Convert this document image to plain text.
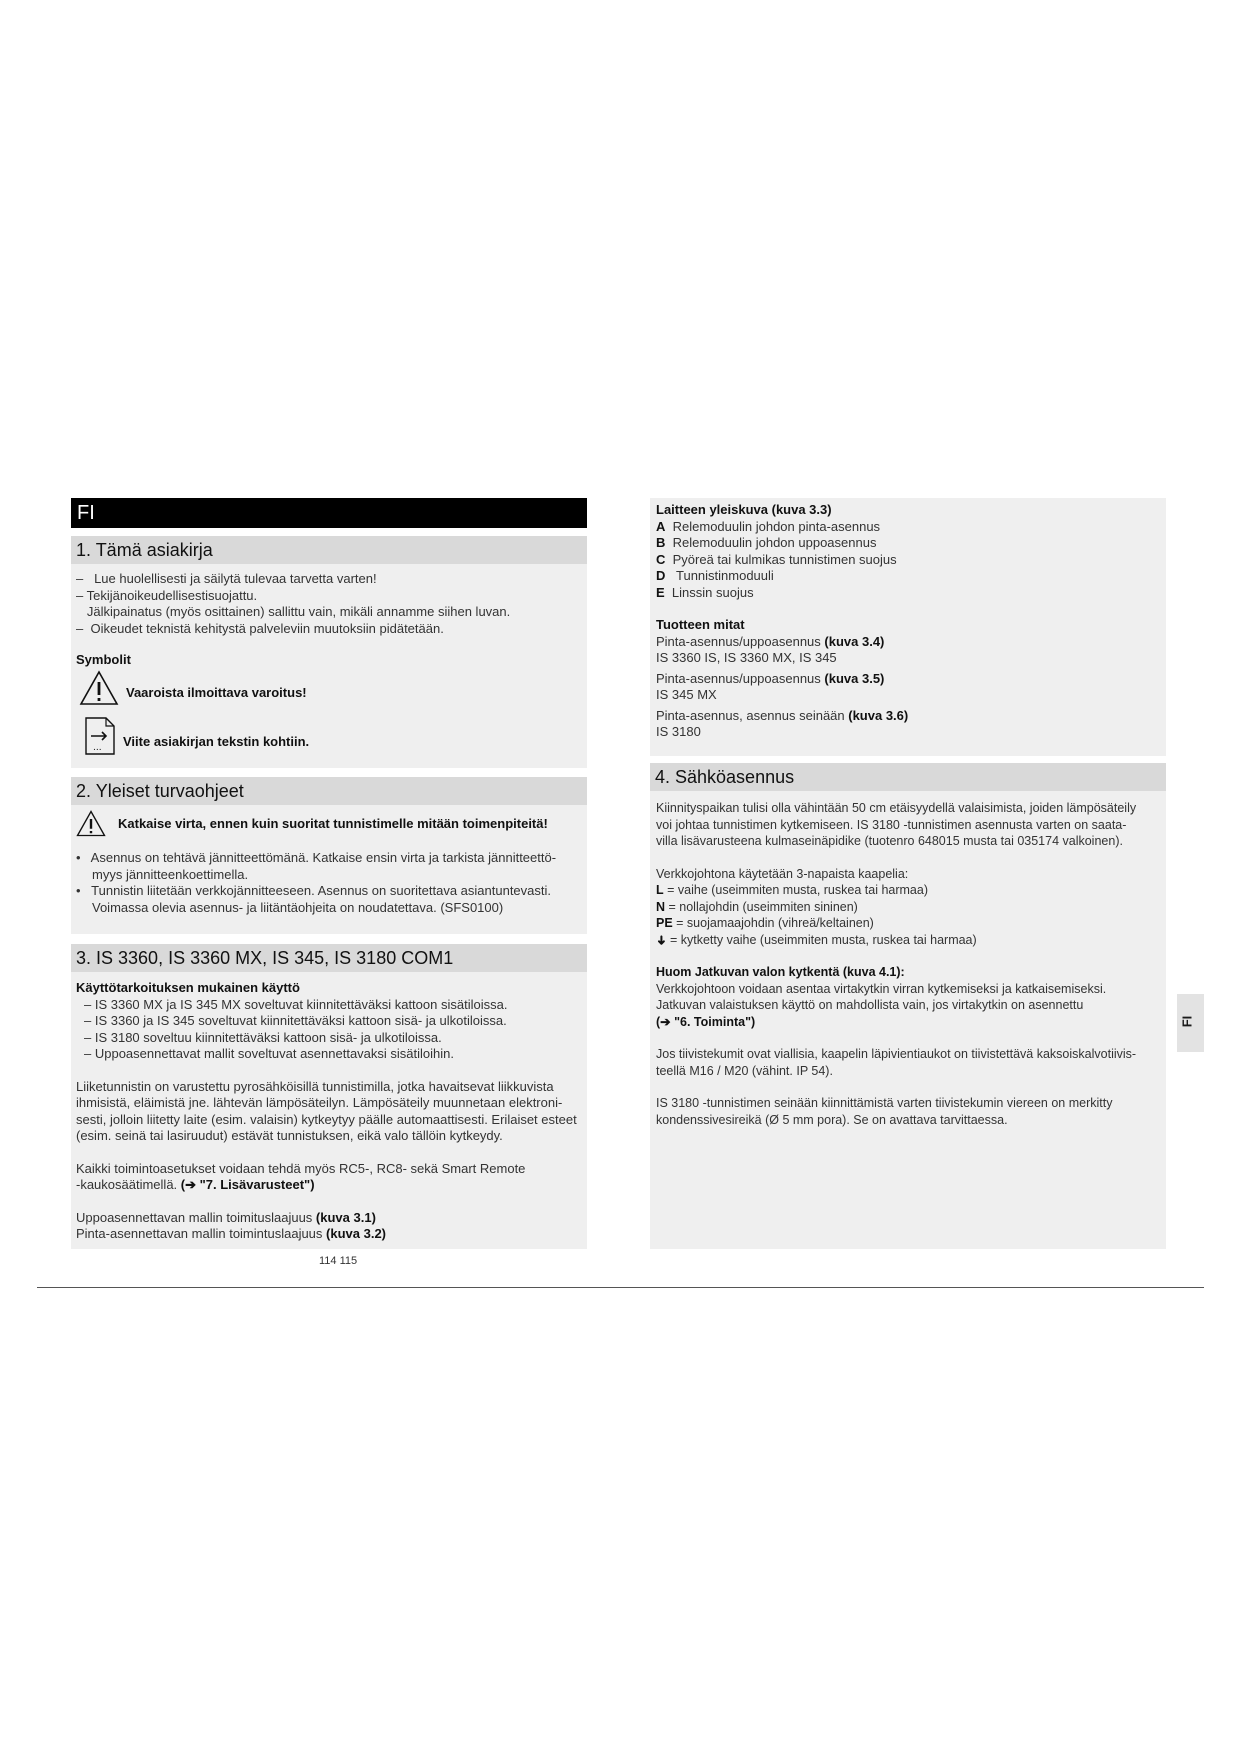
FI
1. Tämä asiakirja

–   Lue huolellisesti ja säilytä tulevaa tarvetta varten!

– Tekijänoikeudellisestisuojattu.

Jälkipainatus (myös osittainen) sallittu vain, mikäli annamme siihen luvan.

–  Oikeudet teknistä kehitystä palveleviin muutoksiin pidätetään.

Symbolit
Vaaroista ilmoittava varoitus!
... Viite asiakirjan tekstin kohtiin.
2. Yleiset turvaohjeet
Katkaise virta, ennen kuin suoritat tunnistimelle mitään toimenpiteitä!

•   Asennus on tehtävä jännitteettömänä. Katkaise ensin virta ja tarkista jännitteettö-

myys jännitteenkoettimella.

•   Tunnistin liitetään verkkojännitteeseen. Asennus on suoritettava asiantuntevasti.

Voimassa olevia asennus- ja liitäntäohjeita on noudatettava. (SFS0100)

3. IS 3360, IS 3360 MX, IS 345, IS 3180 COM1

Käyttötarkoituksen mukainen käyttö

– IS 3360 MX ja IS 345 MX soveltuvat kiinnitettäväksi kattoon sisätiloissa.

– IS 3360 ja IS 345 soveltuvat kiinnitettäväksi kattoon sisä- ja ulkotiloissa.

– IS 3180 soveltuu kiinnitettäväksi kattoon sisä- ja ulkotiloissa.

– Uppoasennettavat mallit soveltuvat asennettavaksi sisätiloihin.

Liiketunnistin on varustettu pyrosähköisillä tunnistimilla, jotka havaitsevat liikkuvista

ihmisistä, eläimistä jne. lähtevän lämpösäteilyn. Lämpösäteily muunnetaan elektroni-

sesti, jolloin liitetty laite (esim. valaisin) kytkeytyy päälle automaattisesti. Erilaiset esteet

(esim. seinä tai lasiruudut) estävät tunnistuksen, eikä valo tällöin kytkeydy.

Kaikki toimintoasetukset voidaan tehdä myös RC5-, RC8- sekä Smart Remote

-kaukosäätimellä. (➔ "7. Lisävarusteet")

Uppoasennettavan mallin toimituslaajuus (kuva 3.1)

Pinta-asennettavan mallin toimintuslaajuus (kuva 3.2)

114 115

Laitteen yleiskuva (kuva 3.3)

A Relemoduulin johdon pinta-asennus

B Relemoduulin johdon uppoasennus

C Pyöreä tai kulmikas tunnistimen suojus

D Tunnistinmoduuli

E Linssin suojus

Tuotteen mitat

Pinta-asennus/uppoasennus (kuva 3.4)

IS 3360 IS, IS 3360 MX, IS 345

Pinta-asennus/uppoasennus (kuva 3.5)

IS 345 MX

Pinta-asennus, asennus seinään (kuva 3.6)

IS 3180

4. Sähköasennus

Kiinnityspaikan tulisi olla vähintään 50 cm etäisyydellä valaisimista, joiden lämpösäteily

voi johtaa tunnistimen kytkemiseen. IS 3180 -tunnistimen asennusta varten on saata-

villa lisävarusteena kulmaseinäpidike (tuotenro 648015 musta tai 035174 valkoinen).

Verkkojohtona käytetään 3-napaista kaapelia:

L = vaihe (useimmiten musta, ruskea tai harmaa)

N = nollajohdin (useimmiten sininen)

PE = suojamaajohdin (vihreä/keltainen)

➜ = kytketty vaihe (useimmiten musta, ruskea tai harmaa)

Huom Jatkuvan valon kytkentä (kuva 4.1):

Verkkojohtoon voidaan asentaa virtakytkin virran kytkemiseksi ja katkaisemiseksi.

Jatkuvan valaistuksen käyttö on mahdollista vain, jos virtakytkin on asennettu

(➔ "6. Toiminta")

Jos tiivistekumit ovat viallisia, kaapelin läpivientiaukot on tiivistettävä kaksoiskalvotiivis-

teellä M16 / M20 (vähint. IP 54).

IS 3180 -tunnistimen seinään kiinnittämistä varten tiivistekumin viereen on merkitty

kondenssivesireikä (Ø 5 mm pora). Se on avattava tarvittaessa.

FI
